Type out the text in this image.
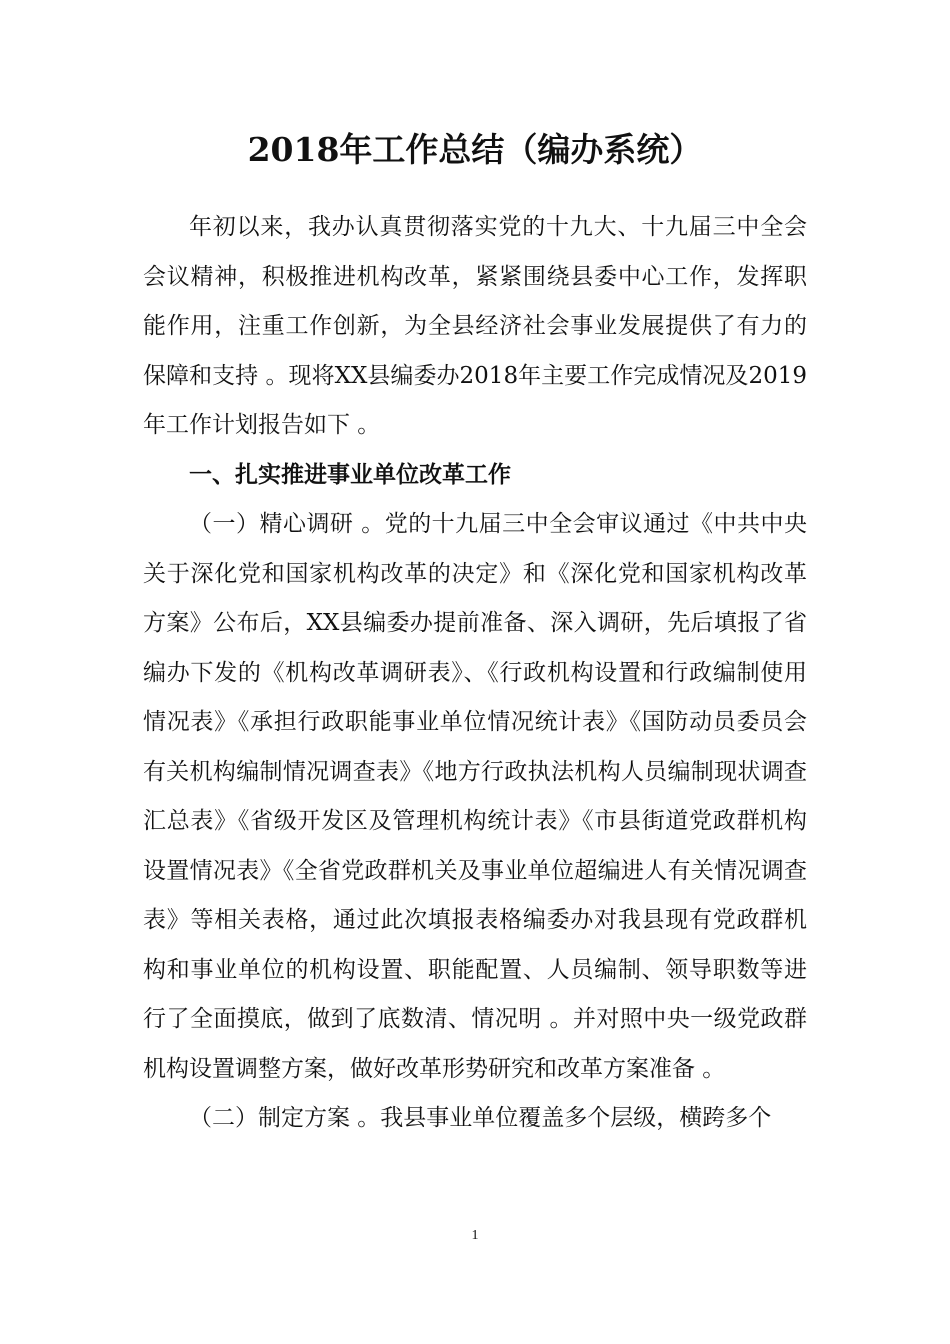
2018年工作总结（编办系统）

年初以来，我办认真贯彻落实党的十九大、十九届三中全会会议精神，积极推进机构改革，紧紧围绕县委中心工作，发挥职能作用，注重工作创新，为全县经济社会事业发展提供了有力的保障和支持 。现将XX县编委办2018年主要工作完成情况及2019年工作计划报告如下 。

一、扎实推进事业单位改革工作

（一）精心调研 。党的十九届三中全会审议通过《中共中央关于深化党和国家机构改革的决定》和《深化党和国家机构改革方案》公布后，XX县编委办提前准备、深入调研，先后填报了省编办下发的《机构改革调研表》、《行政机构设置和行政编制使用情况表》《承担行政职能事业单位情况统计表》《国防动员委员会有关机构编制情况调查表》《地方行政执法机构人员编制现状调查汇总表》《省级开发区及管理机构统计表》《市县街道党政群机构设置情况表》《全省党政群机关及事业单位超编进人有关情况调查表》等相关表格，通过此次填报表格编委办对我县现有党政群机构和事业单位的机构设置、职能配置、人员编制、领导职数等进行了全面摸底，做到了底数清、情况明 。并对照中央一级党政群机构设置调整方案，做好改革形势研究和改革方案准备 。

（二）制定方案 。我县事业单位覆盖多个层级，横跨多个

1
